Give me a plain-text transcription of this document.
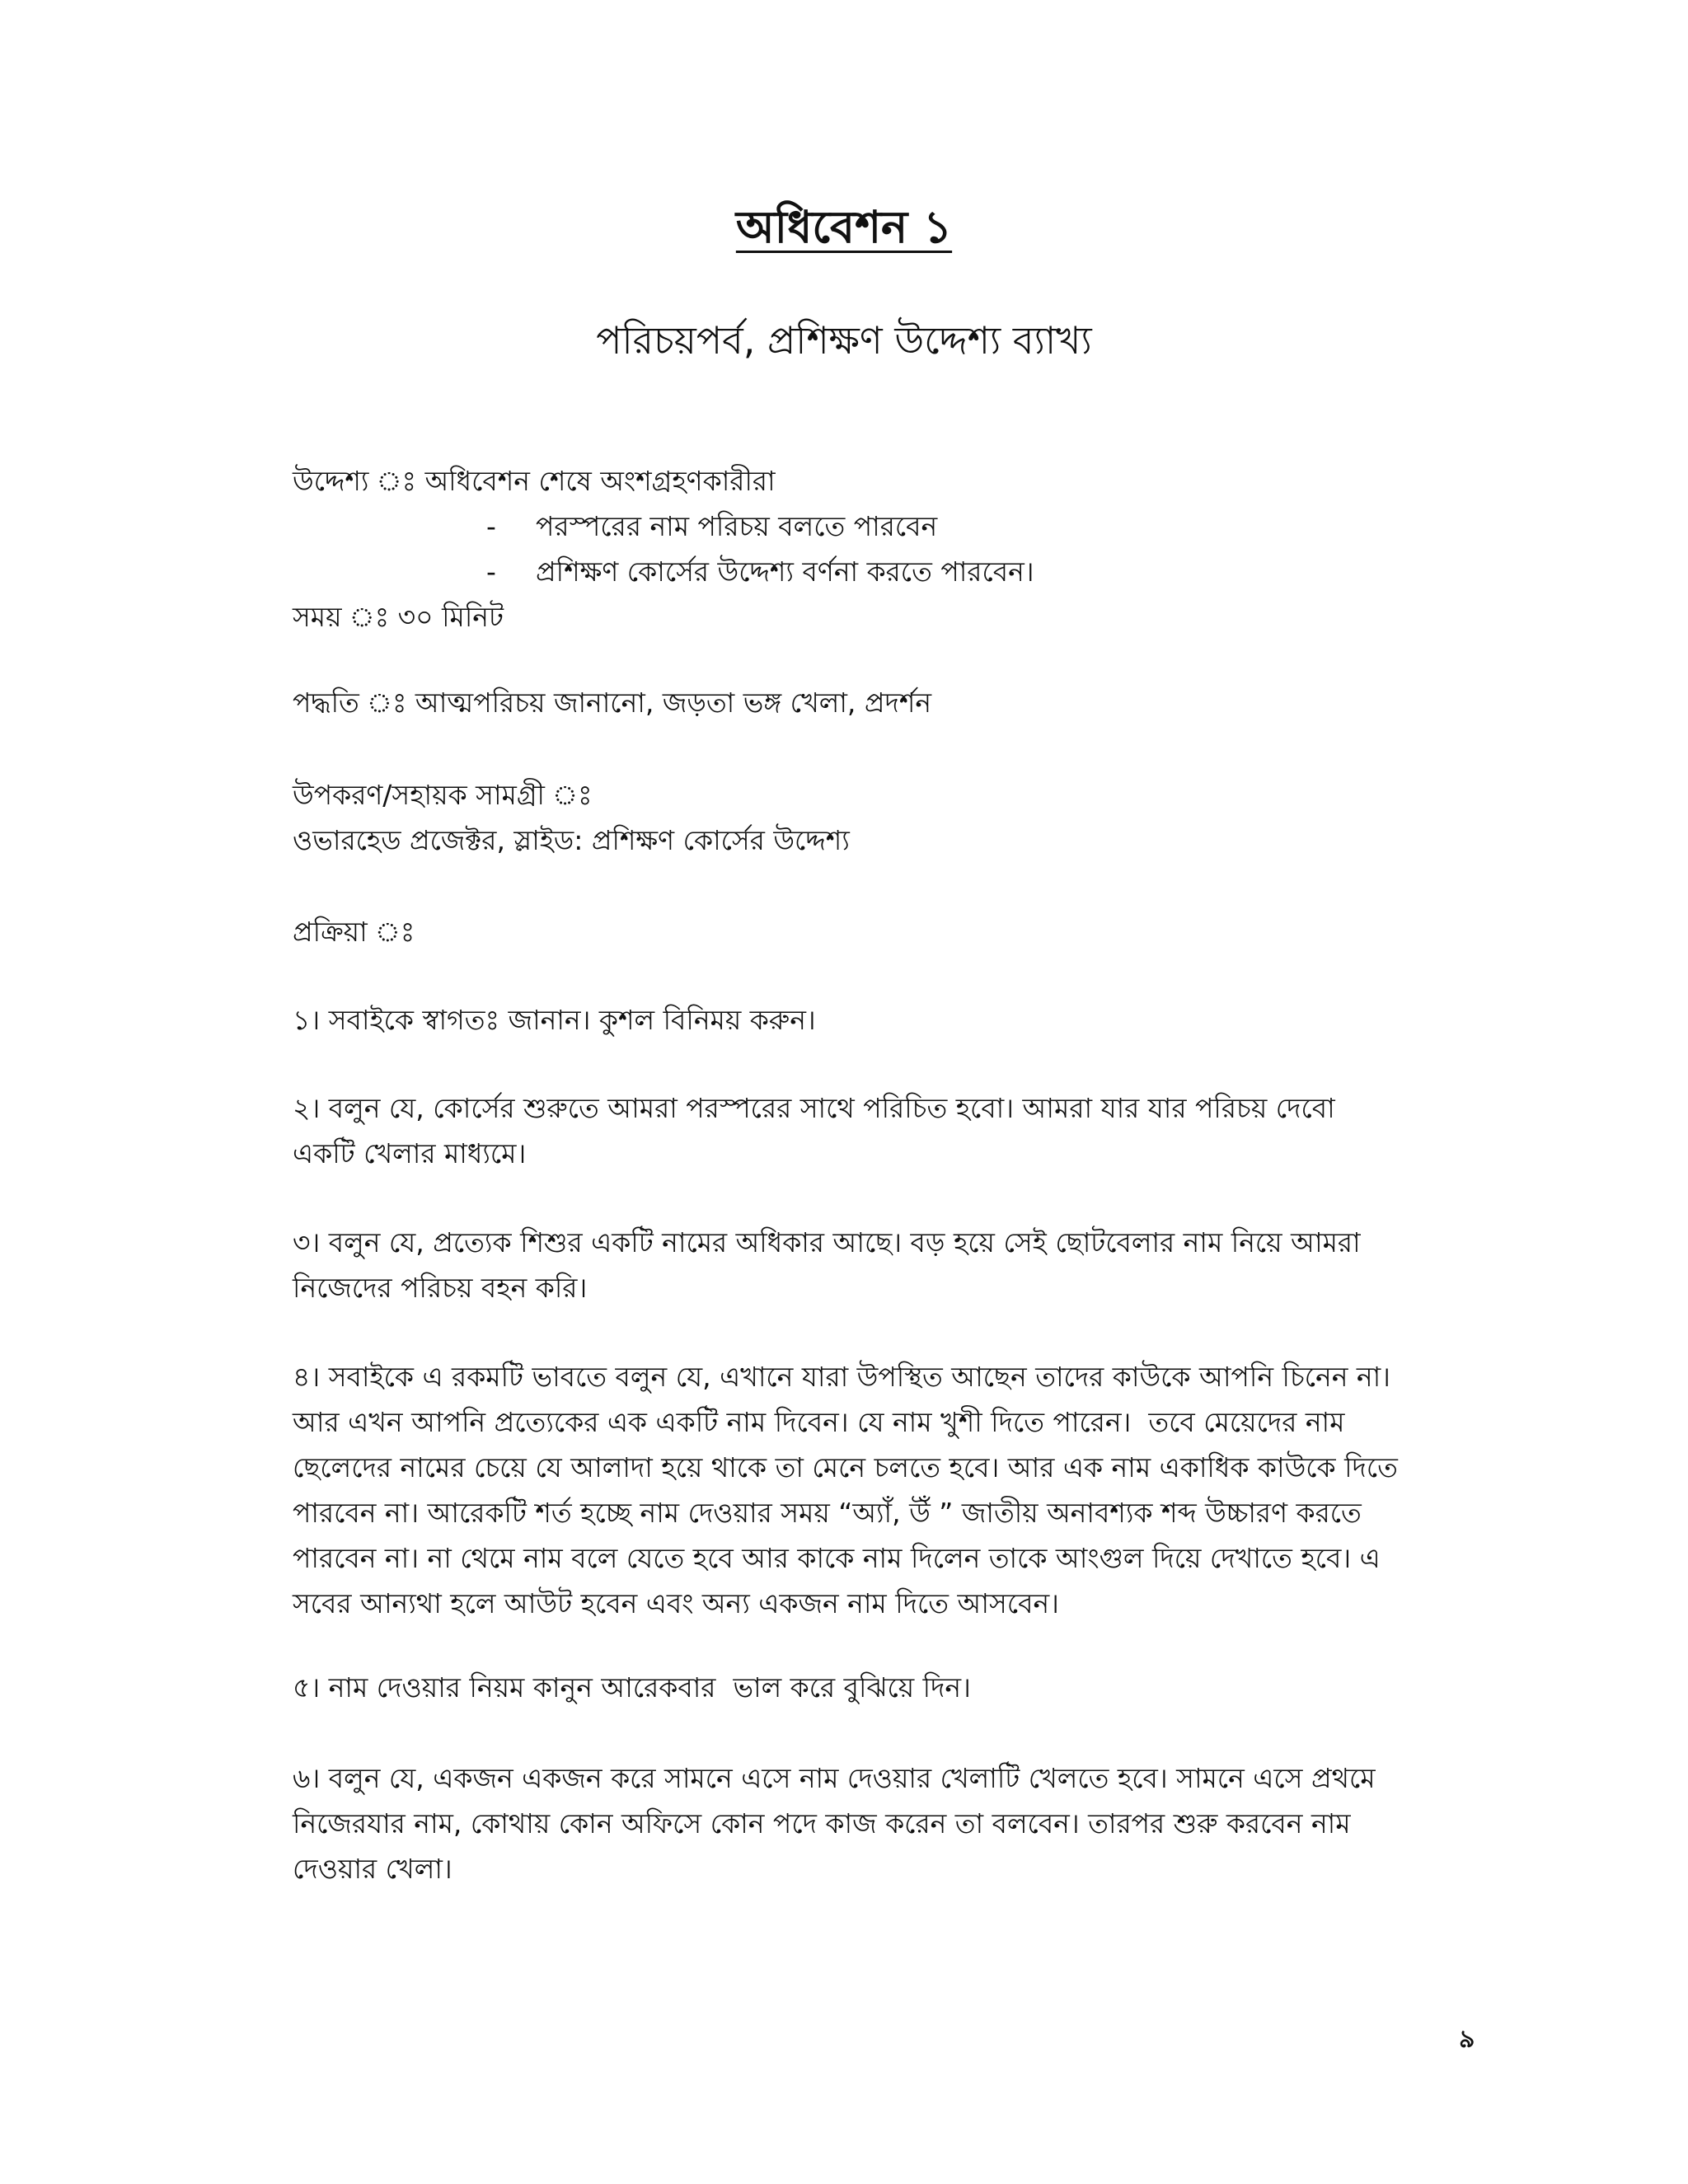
অধিবেশন ১
পরিচয়পর্ব, প্রশিক্ষণ উদ্দেশ্য ব্যাখ্য
উদ্দেশ্য ঃ অধিবেশন শেষে অংশগ্রহণকারীরা
- পরস্পরের নাম পরিচয় বলতে পারবেন
- প্রশিক্ষণ কোর্সের উদ্দেশ্য বর্ণনা করতে পারবেন।
সময় ঃ ৩০ মিনিট
পদ্ধতি ঃ আত্মপরিচয় জানানো, জড়তা ভঙ্গ খেলা, প্রদর্শন
উপকরণ/সহায়ক সামগ্রী ঃ
ওভারহেড প্রজেক্টর, স্লাইড: প্রশিক্ষণ কোর্সের উদ্দেশ্য
প্রক্রিয়া ঃ
১। সবাইকে স্বাগতঃ জানান। কুশল বিনিময় করুন।
২। বলুন যে, কোর্সের শুরুতে আমরা পরস্পরের সাথে পরিচিত হবো। আমরা যার যার পরিচয় দেবো
একটি খেলার মাধ্যমে।
৩। বলুন যে, প্রত্যেক শিশুর একটি নামের অধিকার আছে। বড় হয়ে সেই ছোটবেলার নাম নিয়ে আমরা
নিজেদের পরিচয় বহন করি।
৪। সবাইকে এ রকমটি ভাবতে বলুন যে, এখানে যারা উপস্থিত আছেন তাদের কাউকে আপনি চিনেন না।
আর এখন আপনি প্রত্যেকের এক একটি নাম দিবেন। যে নাম খুশী দিতে পারেন।  তবে মেয়েদের নাম
ছেলেদের নামের চেয়ে যে আলাদা হয়ে থাকে তা মেনে চলতে হবে। আর এক নাম একাধিক কাউকে দিতে
পারবেন না। আরেকটি শর্ত হচ্ছে নাম দেওয়ার সময় “অ্যাঁ, উঁ ” জাতীয় অনাবশ্যক শব্দ উচ্চারণ করতে
পারবেন না। না থেমে নাম বলে যেতে হবে আর কাকে নাম দিলেন তাকে আংগুল দিয়ে দেখাতে হবে। এ
সবের আন্যথা হলে আউট হবেন এবং অন্য একজন নাম দিতে আসবেন।
৫। নাম দেওয়ার নিয়ম কানুন আরেকবার  ভাল করে বুঝিয়ে দিন।
৬। বলুন যে, একজন একজন করে সামনে এসে নাম দেওয়ার খেলাটি খেলতে হবে। সামনে এসে প্রথমে
নিজেরযার নাম, কোথায় কোন অফিসে কোন পদে কাজ করেন তা বলবেন। তারপর শুরু করবেন নাম
দেওয়ার খেলা।
৯
